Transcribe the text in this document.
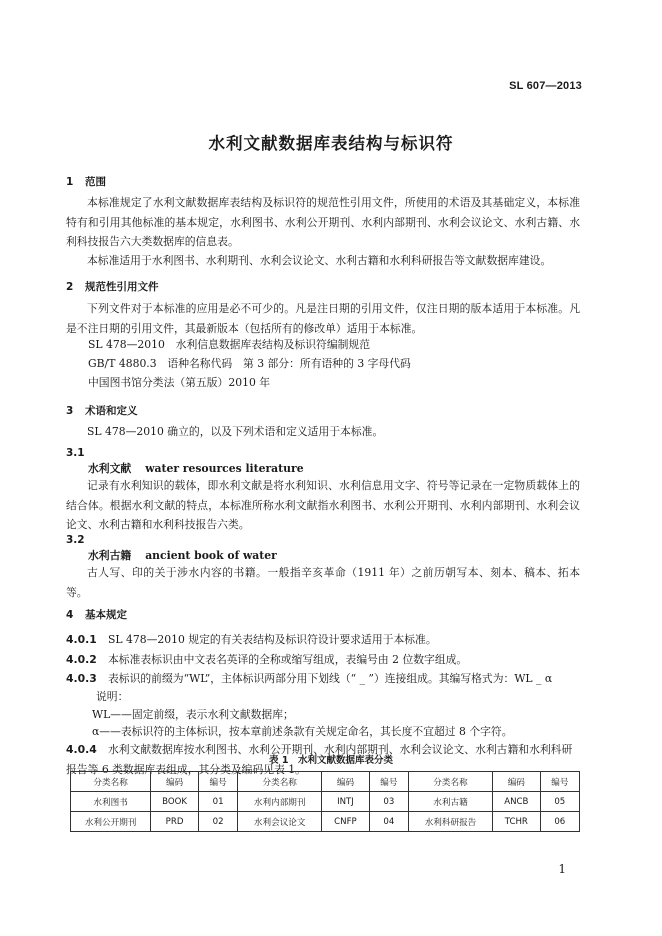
SL 607—2013
水利文献数据库表结构与标识符
1 范围
本标准规定了水利文献数据库表结构及标识符的规范性引用文件，所使用的术语及其基础定义，本标准特有和引用其他标准的基本规定，水利图书、水利公开期刊、水利内部期刊、水利会议论文、水利古籍、水利科技报告六大类数据库的信息表。
本标准适用于水利图书、水利期刊、水利会议论文、水利古籍和水利科研报告等文献数据库建设。
2 规范性引用文件
下列文件对于本标准的应用是必不可少的。凡是注日期的引用文件，仅注日期的版本适用于本标准。凡是不注日期的引用文件，其最新版本（包括所有的修改单）适用于本标准。
SL 478—2010　水利信息数据库表结构及标识符编制规范
GB/T 4880.3　语种名称代码　第 3 部分：所有语种的 3 字母代码
中国图书馆分类法（第五版）2010 年
3 术语和定义
SL 478—2010 确立的，以及下列术语和定义适用于本标准。
3.1
水利文献 water resources literature
记录有水利知识的载体，即水利文献是将水利知识、水利信息用文字、符号等记录在一定物质载体上的结合体。根据水利文献的特点，本标准所称水利文献指水利图书、水利公开期刊、水利内部期刊、水利会议论文、水利古籍和水利科技报告六类。
3.2
水利古籍 ancient book of water
古人写、印的关于涉水内容的书籍。一般指辛亥革命（1911 年）之前历朝写本、刻本、稿本、拓本等。
4 基本规定
4.0.1 SL 478—2010 规定的有关表结构及标识符设计要求适用于本标准。
4.0.2 本标准表标识由中文表名英译的全称或缩写组成，表编号由 2 位数字组成。
4.0.3 表标识的前缀为“WL”，主体标识两部分用下划线（“ _ ”）连接组成。其编写格式为：WL _ α
说明：
WL——固定前缀，表示水利文献数据库；
α——表标识符的主体标识，按本章前述条款有关规定命名，其长度不宜超过 8 个字符。
4.0.4 水利文献数据库按水利图书、水利公开期刊、水利内部期刊、水利会议论文、水利古籍和水利科研报告等 6 类数据库表组成，其分类及编码见表 1。
表 1　水利文献数据库表分类
分类名称	编码	编号	分类名称	编码	编号	分类名称	编码	编号
水利图书	BOOK	01	水利内部期刊	INTJ	03	水利古籍	ANCB	05
水利公开期刊	PRD	02	水利会议论文	CNFP	04	水利科研报告	TCHR	06
1
